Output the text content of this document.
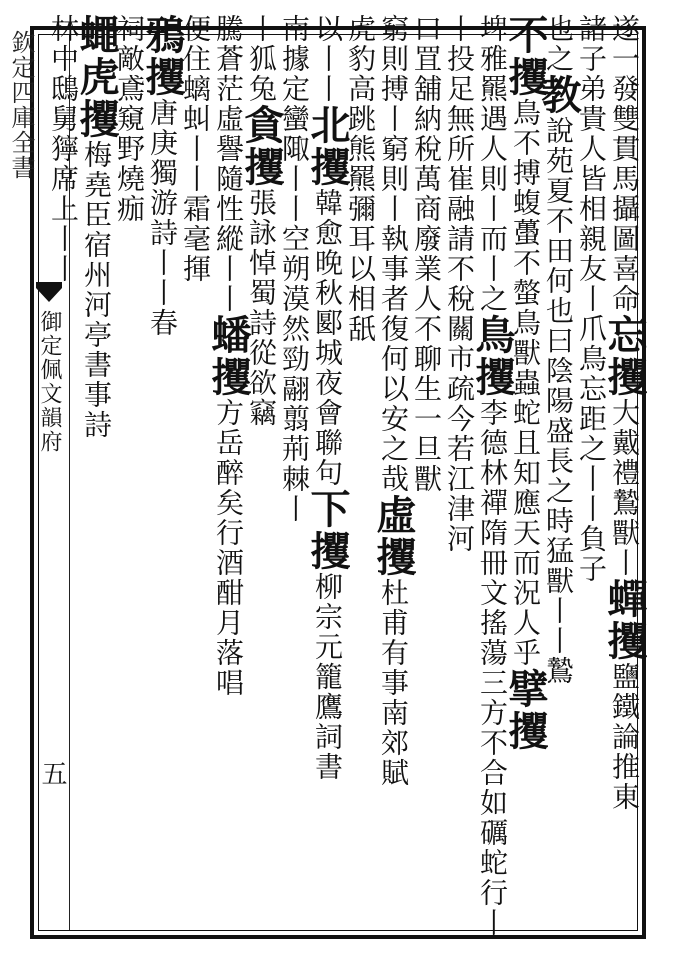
欽定四庫全書
御定佩文韻府
五
遂一發雙貫馬攝圖喜命忘攫大戴禮鷙獸丨蟬攫鹽鐵論推東
諸子弟貴人皆相親友丨爪鳥忘距之丨丨負子
也之教說苑夏不田何也曰陰陽盛長之時猛獸丨丨鷙
不攫鳥不搏蝮蠆不螫鳥獸蟲蛇且知應天而況人乎擘攫
埤雅羆遇人則丨而丨之鳥攫李德林禪隋冊文搖蕩三方不合如礪蛇行丨
丨投足無所崔融請不稅關市疏今若江津河
口罝舖納稅萬商廢業人不聊生一旦獸
窮則搏丨窮則丨執事者復何以安之哉虛攫杜甫有事南郊賦
虎豹高跳熊羆彌耳以相舐
以丨丨北攫韓愈晚秋郾城夜會聯句下攫柳宗元籠鷹詞書
南據定蠻陬丨丨空朔漠然勁翮翦荊棘丨
丨狐兔貪攫張詠悼蜀詩從欲竊
騰蒼茫虛譽隨性縱丨丨蟠攫方岳醉矣行酒酣月落唱
便住螭虯丨丨霜毫揮
鴉攫唐庚獨游詩丨丨春
祠敵鳶窺野燒痂
蠅虎攫梅堯臣宿州河亭書事詩
林中鴟舅獰席上丨丨
